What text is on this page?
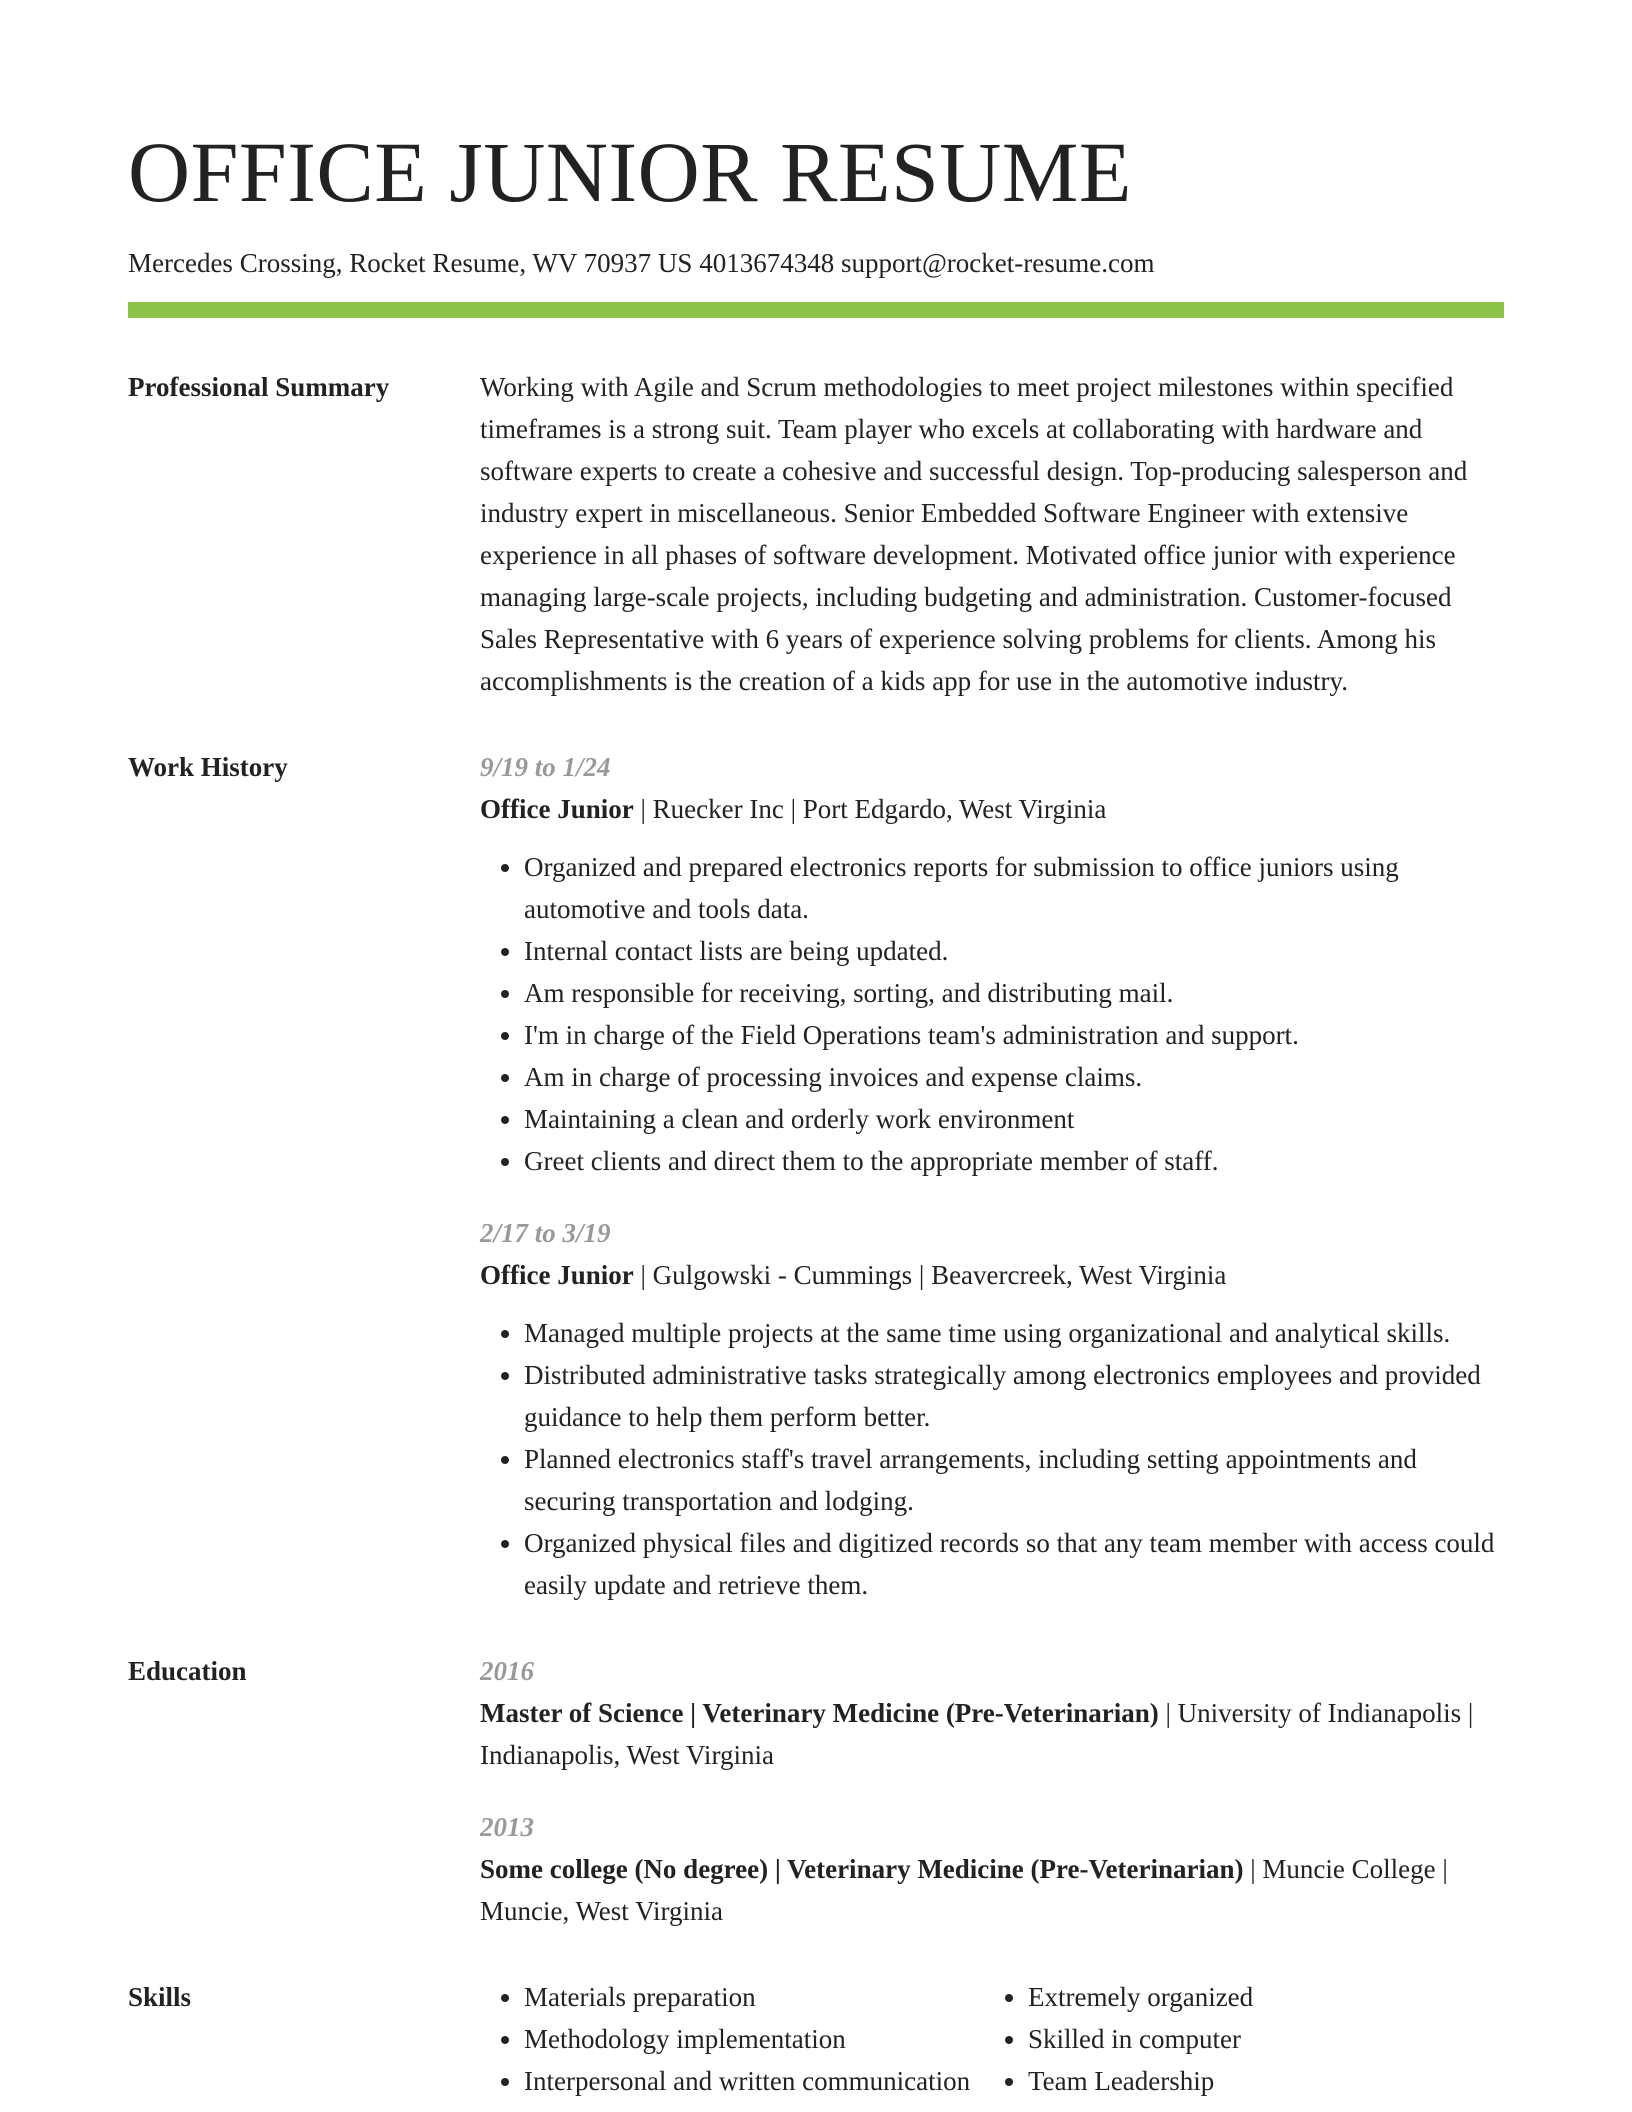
OFFICE JUNIOR RESUME
Mercedes Crossing, Rocket Resume, WV 70937 US 4013674348 support@rocket-resume.com
Professional Summary	Working with Agile and Scrum methodologies to meet project milestones within specified timeframes is a strong suit. Team player who excels at collaborating with hardware and software experts to create a cohesive and successful design. Top-producing salesperson and industry expert in miscellaneous. Senior Embedded Software Engineer with extensive experience in all phases of software development. Motivated office junior with experience managing large-scale projects, including budgeting and administration. Customer-focused Sales Representative with 6 years of experience solving problems for clients. Among his accomplishments is the creation of a kids app for use in the automotive industry.

Work History	9/19 to 1/24
Office Junior | Ruecker Inc | Port Edgardo, West Virginia
• Organized and prepared electronics reports for submission to office juniors using automotive and tools data.
• Internal contact lists are being updated.
• Am responsible for receiving, sorting, and distributing mail.
• I'm in charge of the Field Operations team's administration and support.
• Am in charge of processing invoices and expense claims.
• Maintaining a clean and orderly work environment
• Greet clients and direct them to the appropriate member of staff.
2/17 to 3/19
Office Junior | Gulgowski - Cummings | Beavercreek, West Virginia
• Managed multiple projects at the same time using organizational and analytical skills.
• Distributed administrative tasks strategically among electronics employees and provided guidance to help them perform better.
• Planned electronics staff's travel arrangements, including setting appointments and securing transportation and lodging.
• Organized physical files and digitized records so that any team member with access could easily update and retrieve them.
Education	2016
Master of Science | Veterinary Medicine (Pre-Veterinarian) | University of Indianapolis | Indianapolis, West Virginia
2013
Some college (No degree) | Veterinary Medicine (Pre-Veterinarian) | Muncie College | Muncie, West Virginia
Skills
•	Materials preparation
• Methodology implementation
• Interpersonal and written communication
• Extremely organized
• Skilled in computer
• Team Leadership
